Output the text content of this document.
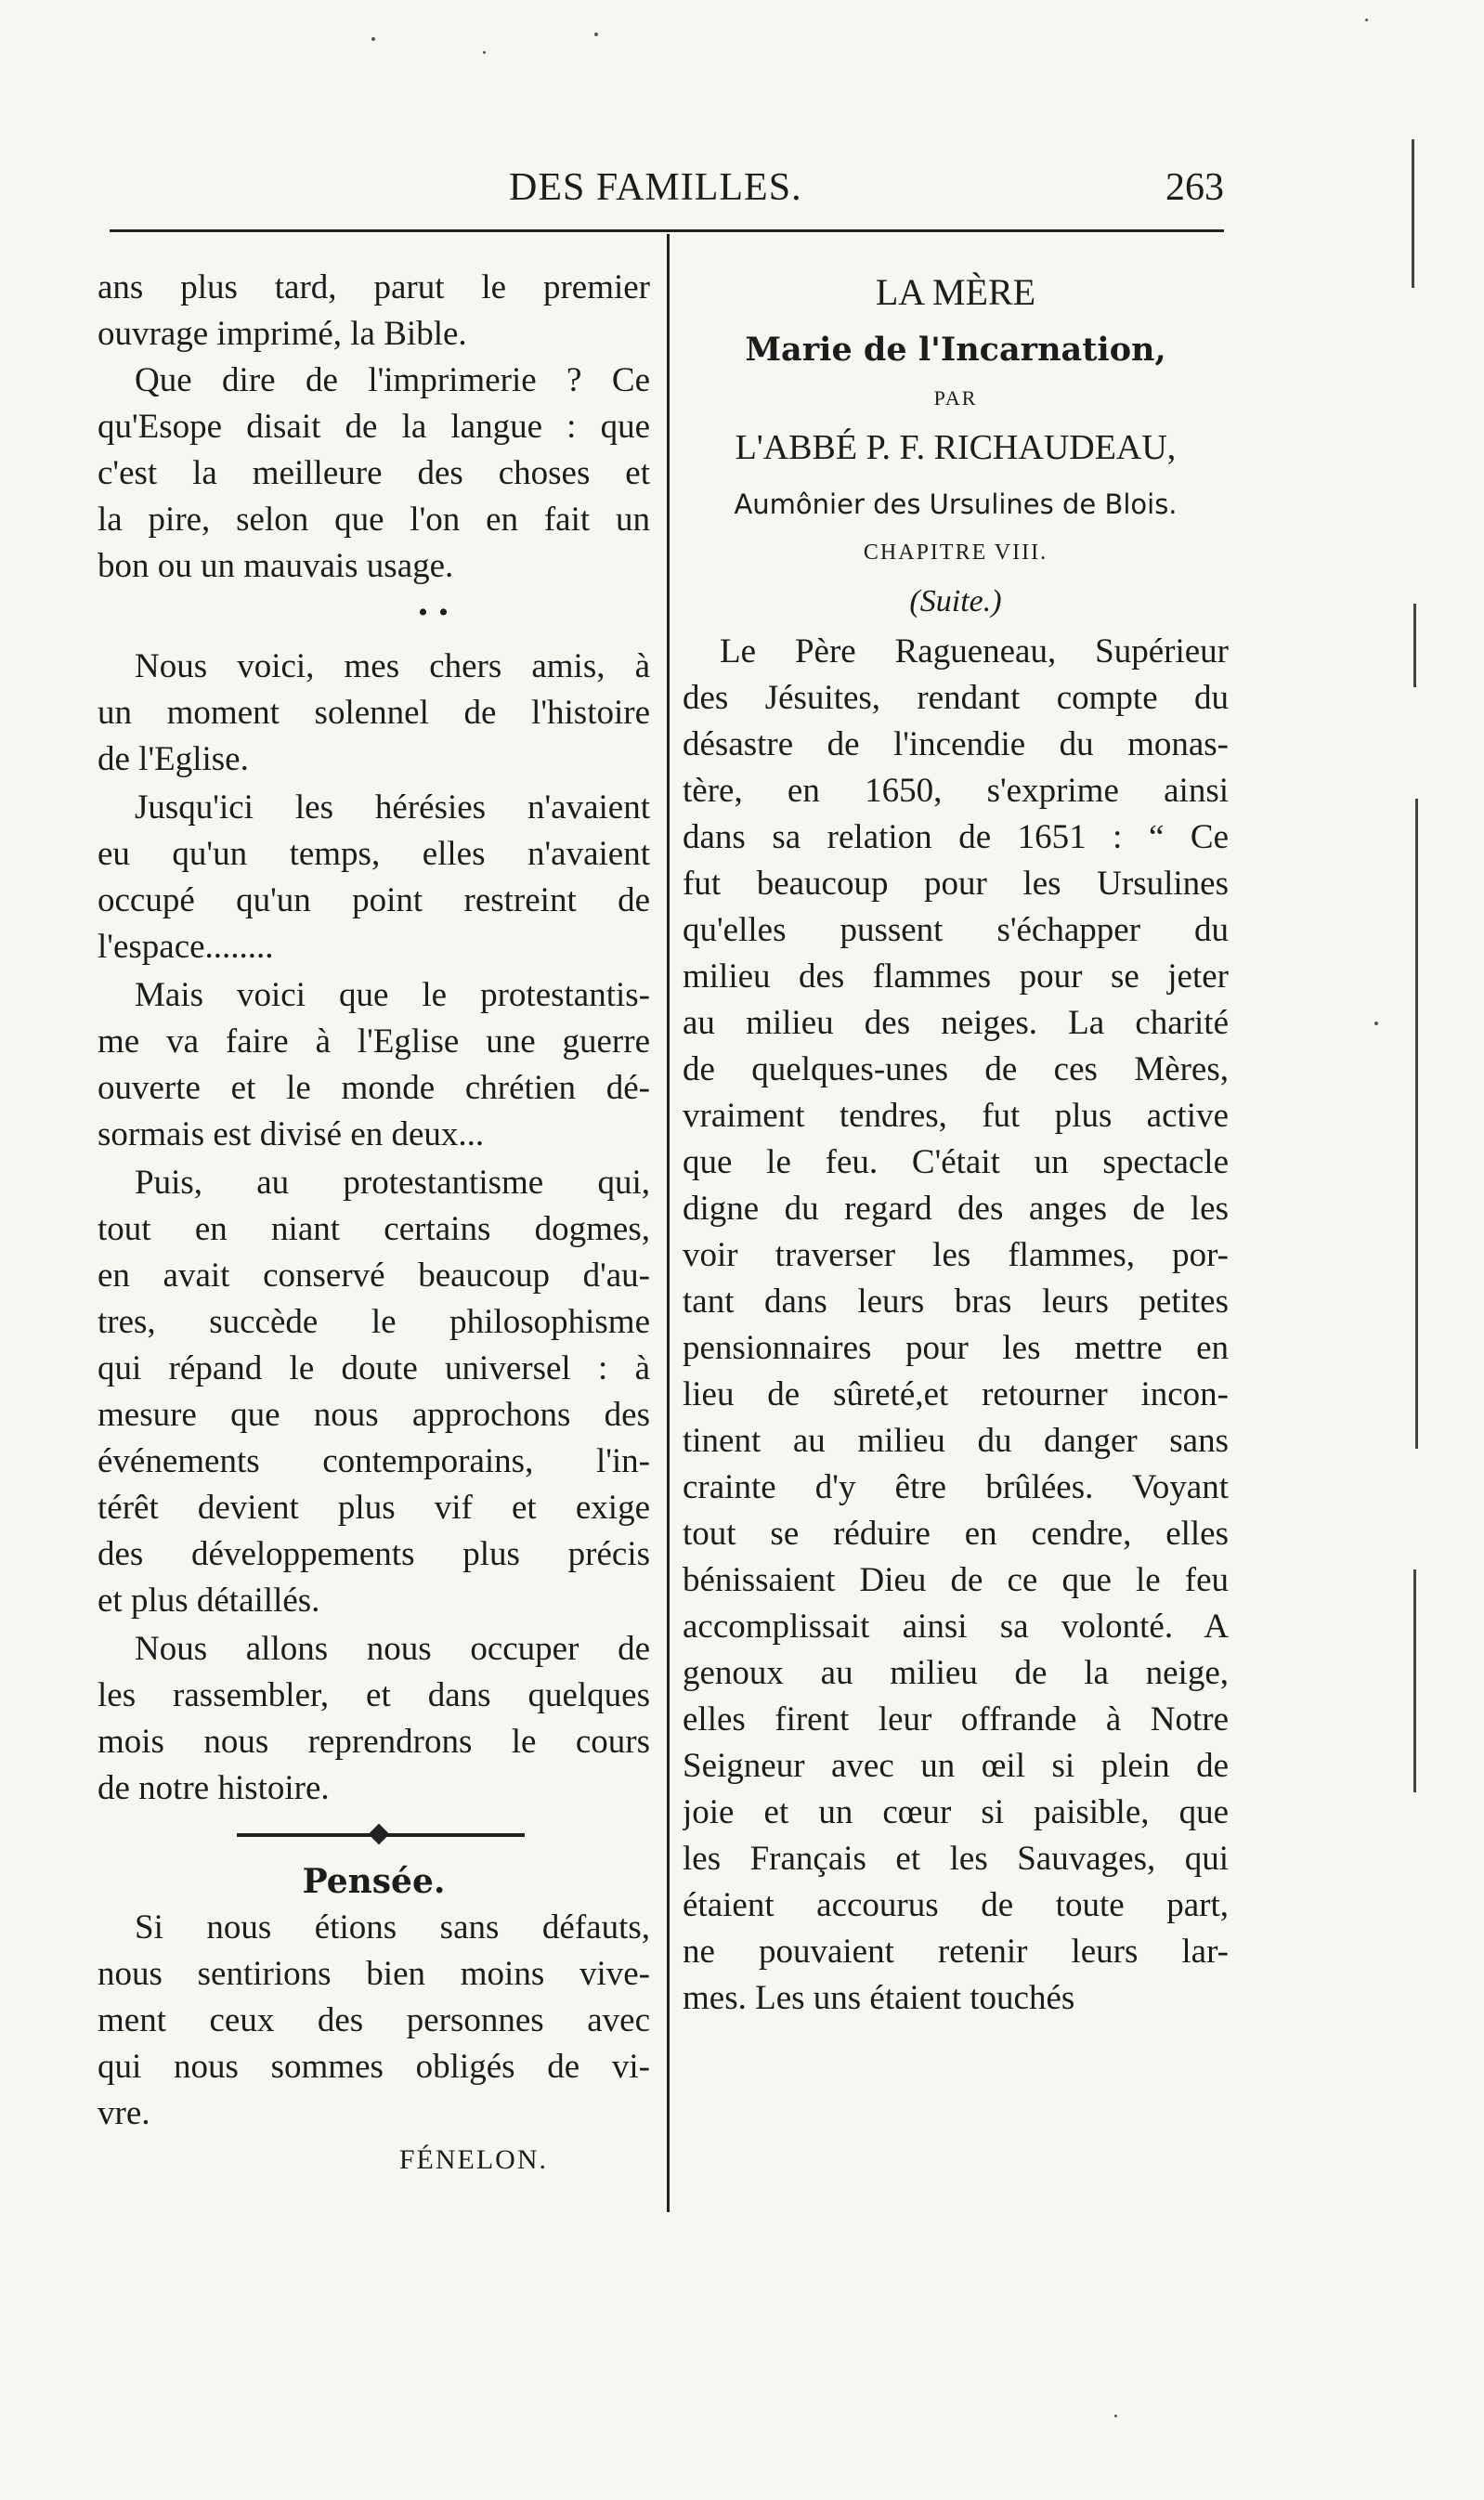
DES FAMILLES.	263
ans plus tard, parut le premier
ouvrage imprimé, la Bible.
Que dire de l'imprimerie ? Ce
qu'Esope disait de la langue : que
c'est la meilleure des choses et
la pire, selon que l'on en fait un
bon ou un mauvais usage.
• •
Nous voici, mes chers amis, à
un moment solennel de l'histoire
de l'Eglise.
Jusqu'ici les hérésies n'avaient
eu qu'un temps, elles n'avaient
occupé qu'un point restreint de
l'espace........
Mais voici que le protestantis-
me va faire à l'Eglise une guerre
ouverte et le monde chrétien dé-
sormais est divisé en deux...
Puis, au protestantisme qui,
tout en niant certains dogmes,
en avait conservé beaucoup d'au-
tres, succède le philosophisme
qui répand le doute universel : à
mesure que nous approchons des
événements contemporains, l'in-
térêt devient plus vif et exige
des développements plus précis
et plus détaillés.
Nous allons nous occuper de
les rassembler, et dans quelques
mois nous reprendrons le cours
de notre histoire.
Pensée.
Si nous étions sans défauts,
nous sentirions bien moins vive-
ment ceux des personnes avec
qui nous sommes obligés de vi-
vre.
FÉNELON.
LA MÈRE
Marie de l'Incarnation,
PAR
L'ABBÉ P. F. RICHAUDEAU,
Aumônier des Ursulines de Blois.
CHAPITRE VIII.
(Suite.)
Le Père Ragueneau, Supérieur
des Jésuites, rendant compte du
désastre de l'incendie du monas-
tère, en 1650, s'exprime ainsi
dans sa relation de 1651 : “ Ce
fut beaucoup pour les Ursulines
qu'elles pussent s'échapper du
milieu des flammes pour se jeter
au milieu des neiges. La charité
de quelques-unes de ces Mères,
vraiment tendres, fut plus active
que le feu. C'était un spectacle
digne du regard des anges de les
voir traverser les flammes, por-
tant dans leurs bras leurs petites
pensionnaires pour les mettre en
lieu de sûreté,et retourner incon-
tinent au milieu du danger sans
crainte d'y être brûlées. Voyant
tout se réduire en cendre, elles
bénissaient Dieu de ce que le feu
accomplissait ainsi sa volonté. A
genoux au milieu de la neige,
elles firent leur offrande à Notre
Seigneur avec un œil si plein de
joie et un cœur si paisible, que
les Français et les Sauvages, qui
étaient accourus de toute part,
ne pouvaient retenir leurs lar-
mes. Les uns étaient touchés
